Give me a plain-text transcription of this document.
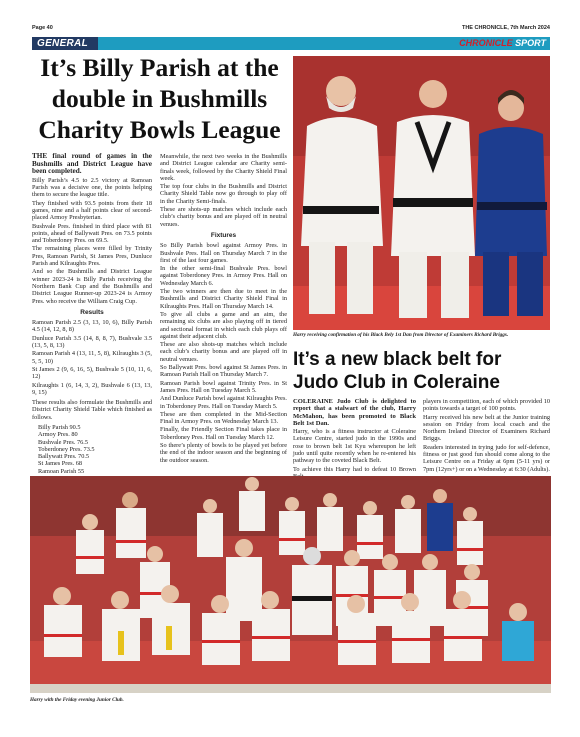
Page 40	THE CHRONICLE, 7th March 2024
GENERAL	CHRONICLE SPORT
It’s Billy Parish at the double in Bushmills Charity Bowls League

THE final round of games in the Bushmills and District League have been completed.

Billy Parish’s 4.5 to 2.5 victory at Ramoan Parish was a decisive one, the points helping them to secure the league title.

They finished with 93.5 points from their 18 games, nine and a half points clear of second-placed Armoy Presbyterian.

Bushvale Pres. finished in third place with 81 points, ahead of Ballywatt Pres. on 73.5 points and Toberdoney Pres. on 69.5.

The remaining places were filled by Trinity Pres, Ramoan Parish, St James Pres, Dunluce Parish and Kilraughts Pres.

And so the Bushmills and District League winner 2023-24 is Billy Parish receiving the Northern Bank Cup and the Bushmills and District League Runner-up 2023-24 is Armoy Pres. who receive the William Craig Cup.

Results

Ramoan Parish 2.5 (3, 13, 10, 6), Billy Parish 4.5 (14, 12, 8, 8)

Dunluce Parish 3.5 (14, 8, 8, 7), Bushvale 3.5 (13, 5, 8, 13)

Ramoan Parish 4 (13, 11, 5, 8), Kilraughts 3 (5, 5, 5, 10)

St James 2 (9, 6, 16, 5), Bushvale 5 (10, 11, 6, 12)

Kilraughts 1 (6, 14, 3, 2), Bushvale 6 (13, 13, 9, 15)

These results also formulate the Bushmills and District Charity Shield Table which finished as follows.

Billy Parish 90.5
Armoy Pres. 80
Bushvale Pres. 76.5
Toberdoney Pres. 73.5
Ballywatt Pres. 70.5
St James Pres. 68
Ramoan Parish 55

Meanwhile, the next two weeks in the Bushmills and District League calendar are Charity semi-finals week, followed by the Charity Shield Final week.

The top four clubs in the Bushmills and District Charity Shield Table now go through to play off in the Charity Semi-finals.

These are shots-up matches which include each club’s charity bonus and are played off in neutral venues.

Fixtures

So Billy Parish bowl against Armoy Pres. in Bushvale Pres. Hall on Thursday March 7 in the first of the last four games.

In the other semi-final Bushvale Pres. bowl against Toberdoney Pres. in Armoy Pres. Hall on Wednesday March 6.

The two winners are then due to meet in the Bushmills and District Charity Shield Final in Kilraughts Pres. Hall on Thursday March 14.

To give all clubs a game and an aim, the remaining six clubs are also playing off in tiered and sectional format in which each club plays off against their adjacent club.

These are also shots-up matches which include each club’s charity bonus and are played off in neutral venues.

So Ballywatt Pres. bowl against St James Pres. in Ramoan Parish Hall on Thursday March 7.

Ramoan Parish bowl against Trinity Pres. in St James Pres. Hall on Tuesday March 5.

And Dunluce Parish bowl against Kilraughts Pres. in Toberdoney Pres. Hall on Tuesday March 5.

These are then completed in the Mid-Section Final in Armoy Pres. on Wednesday March 13.

Finally, the Friendly Section Final takes place in Toberdoney Pres. Hall on Tuesday March 12.

So there’s plenty of bowls to be played yet before the end of the indoor season and the beginning of the outdoor season.

Harry receiving confirmation of his Black Bely 1st Dan from Director of Examiners Richard Briggs.
It’s a new black belt for Judo Club in Coleraine

COLERAINE Judo Club is delighted to report that a stalwart of the club, Harry McMahon, has been promoted to Black Belt 1st Dan.

Harry, who is a fitness instructor at Coleraine Leisure Centre, started judo in the 1990s and rose to brown belt 1st Kyu whereupon he left judo until quite recently when he re-entered his pathway to the coveted Black Belt.

To achieve this Harry had to defeat 10 Brown

players in competition, each of which provided 10 points towards a target of 100 points.

Harry received his new belt at the Junior training session on Friday from local coach and the Northern Ireland Director of Examiners Richard Briggs.

Readers interested in trying judo for self-defence, fitness or just good fun should come along to the Leisure Centre on a Friday at 6pm (5-11 yrs) or 7pm (12yrs+) or on a Wednesday at 6:30 (Adults).

Harry with the Friday evening Junior Club.
